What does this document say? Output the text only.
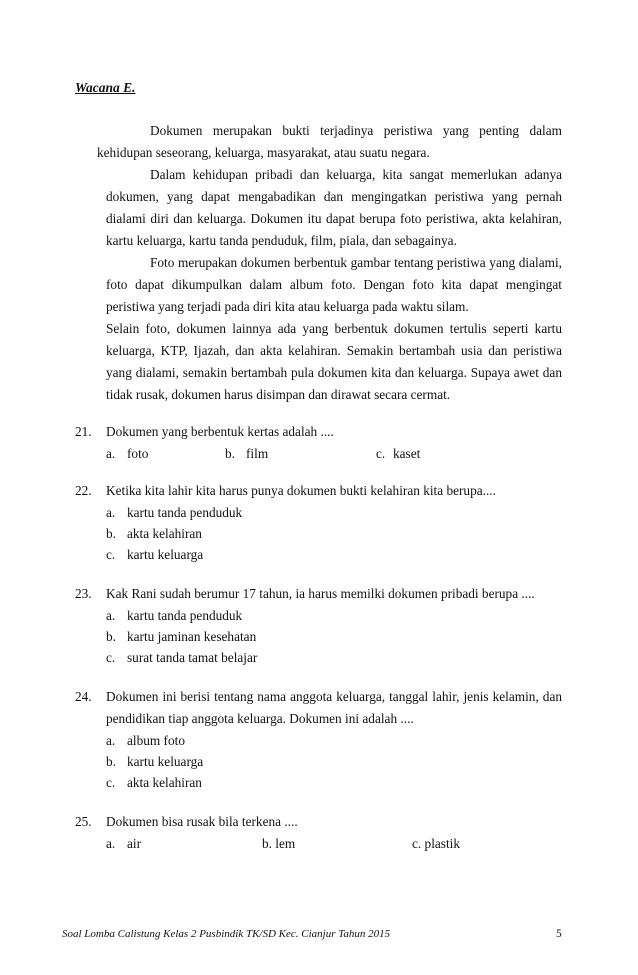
Wacana E.
Dokumen merupakan bukti terjadinya peristiwa yang penting dalam
kehidupan seseorang, keluarga, masyarakat, atau suatu negara.
Dalam kehidupan pribadi dan keluarga, kita sangat memerlukan adanya dokumen, yang dapat mengabadikan dan mengingatkan peristiwa yang pernah dialami diri dan keluarga. Dokumen itu dapat berupa foto peristiwa, akta kelahiran, kartu keluarga, kartu tanda penduduk, film, piala, dan sebagainya.
Foto merupakan dokumen berbentuk gambar tentang peristiwa yang dialami, foto dapat dikumpulkan dalam album foto. Dengan foto kita dapat mengingat peristiwa yang terjadi pada diri kita atau keluarga pada waktu silam.
Selain foto, dokumen lainnya ada yang berbentuk dokumen tertulis seperti kartu keluarga, KTP, Ijazah, dan akta kelahiran. Semakin bertambah usia dan peristiwa yang dialami, semakin bertambah pula dokumen kita dan keluarga. Supaya awet dan tidak rusak, dokumen harus disimpan dan dirawat secara cermat.
21. Dokumen yang berbentuk kertas adalah ....
a. foto	b. film	c. kaset
22. Ketika kita lahir kita harus punya dokumen bukti kelahiran kita berupa....
a. kartu tanda penduduk
b. akta kelahiran
c. kartu keluarga
23. Kak Rani sudah berumur 17 tahun, ia harus memilki dokumen pribadi berupa ....
a. kartu tanda penduduk
b. kartu jaminan kesehatan
c. surat tanda tamat belajar
24. Dokumen ini berisi tentang nama anggota keluarga, tanggal lahir, jenis kelamin, dan pendidikan tiap anggota keluarga. Dokumen ini adalah ....
a. album foto
b. kartu keluarga
c. akta kelahiran
25. Dokumen bisa rusak bila terkena ....
a. air	b. lem	c. plastik
Soal Lomba Calistung Kelas 2 Pusbindik TK/SD Kec. Cianjur Tahun 2015	5
